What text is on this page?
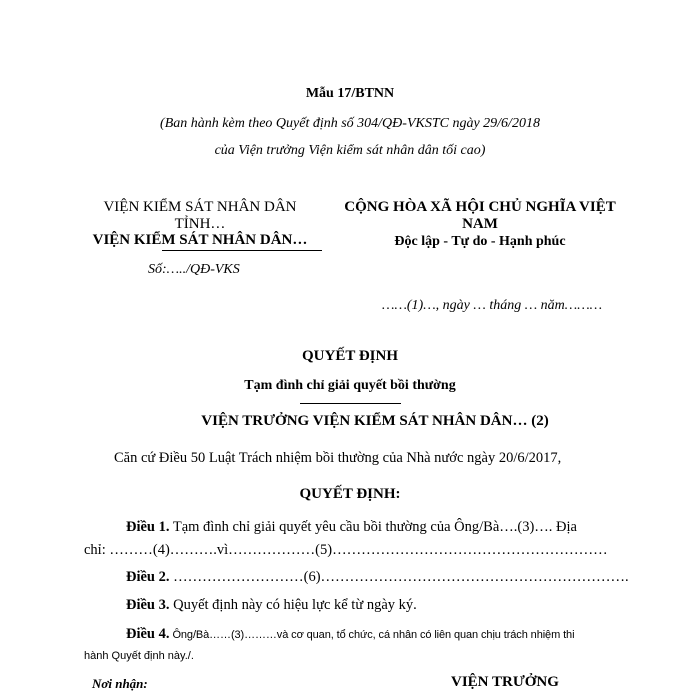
Mẫu 17/BTNN
(Ban hành kèm theo Quyết định số 304/QĐ-VKSTC ngày 29/6/2018
của Viện trưởng Viện kiểm sát nhân dân tối cao)
VIỆN KIỂM SÁT NHÂN DÂN
TỈNH…
VIỆN KIỂM SÁT NHÂN DÂN…
Số:…../QĐ-VKS
CỘNG HÒA XÃ HỘI CHỦ NGHĨA VIỆT
NAM
Độc lập - Tự do - Hạnh phúc
……(1)…, ngày … tháng … năm………
QUYẾT ĐỊNH
Tạm đình chỉ giải quyết bồi thường
VIỆN TRƯỞNG VIỆN KIỂM SÁT NHÂN DÂN… (2)
Căn cứ Điều 50 Luật Trách nhiệm bồi thường của Nhà nước ngày 20/6/2017,
QUYẾT ĐỊNH:
Điều 1. Tạm đình chỉ giải quyết yêu cầu bồi thường của Ông/Bà….(3)…. Địa
chỉ: ………(4)……….vì………………(5)…………………………………………………
Điều 2. ………………………(6)……………………………………………………….
Điều 3. Quyết định này có hiệu lực kể từ ngày ký.
Điều 4. Ông/Bà……(3)………và cơ quan, tổ chức, cá nhân có liên quan chịu trách nhiệm thi
hành Quyết định này./.
Nơi nhận:	VIỆN TRƯỞNG
